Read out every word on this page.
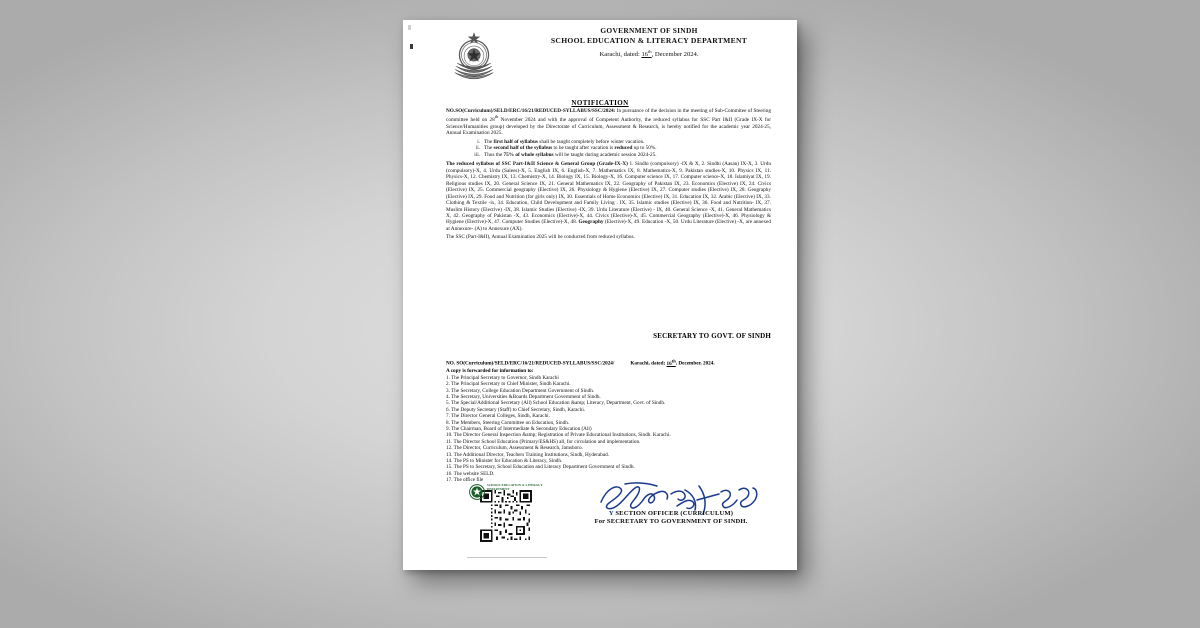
GOVERNMENT OF SINDH
SCHOOL EDUCATION & LITERACY DEPARTMENT
Karachi, dated: 16th, December 2024.
NOTIFICATION

NO.SO(Curriculum)/SELD/ERC/16/21/REDUCED-SYLLABUS/SSC/2024: In pursuance of the decision in the meeting of Sub-Commitee of Steering committee held on 28th November 2024 and with the approval of Competent Authority, the reduced syllabus for SSC Part I&II (Grade IX-X for Science/Humanities group) developed by the Directorate of Curriculum, Assessment & Research, is hereby notified for the academic year 2024-25, Annual Examination 2025.

i. The first half of syllabus shall be taught completely before winter vacation.
ii. The second half of the syllabus to be taught after vacation is reduced up to 50%.
iii. Thus the 75% of whole syllabus will be taught during academic session 2024-25.

The reduced syllabus of SSC Part-I&II Science & General Group (Grade-IX-X) 1. Sindhi (compulsory) -IX & X, 2. Sindhi (Aasan) IX-X, 3. Urdu (compulsory)-X, 4. Urdu (Salees)-X, 5. English IX, 6. English-X, 7. Mathematics IX, 8. Mathematics-X, 9. Pakistan studies-X, 10. Physics IX, 11. Physics-X, 12. Chemistry IX, 13. Chemistry-X, 14. Biology IX, 15. Biology-X, 16. Computer science IX, 17. Computer science-X, 18. Islamiyat IX, 19. Religious studies IX, 20. General Science IX, 21. General Mathematics IX, 22. Geography of Pakistan IX, 23. Economics (Elective) IX, 24. Civics (Elective) IX, 25. Commercial geography (Elective) IX, 26. Physiology & Hygiene (Elective) IX, 27. Computer studies (Elective) IX, 28. Geography (Elective) IX, 29. Food and Nutrition (for girls only) IX, 30. Essentials of Home Economics (Elective) IX, 31. Education IX, 32. Arabic (Elective) IX, 33. Clothing & Textile -ix, 34. Education, Child Development and Family Living . IX, 35. Islamic studies (Elective) IX, 36. Food and Nutrition- IX, 37. Muslim History (Elective) -IX, 38. Islamic Studies (Elective) -IX, 39. Urdu Literature (Elective) - IX, 40. General Science -X, 41. General Mathematics X, 42. Geography of Pakistan -X, 43. Economics (Elective)-X, 44. Civics (Elective)-X, 45. Commercial Geography (Elective)-X, 46. Physiology & Hygiene (Elective)-X, 47. Computer Studies (Elective)-X, 48. Geography (Elective)-X, 49. Education -X, 50. Urdu Literature (Elective) -X, are annexed at Annexure- (A) to Annexure (AX).

The SSC (Part-I&II), Annual Examination 2025 will be conducted from reduced syllabus.

SECRETARY TO GOVT. OF SINDH
NO. SO(Curriculum)/SELD/ERC/16/21/REDUCED-SYLLABUS/SSC/2024/	Karachi, dated; 16th, December, 2024.
A copy is forwarded for information to:
1. The Principal Secretary to Governor, Sindh Karachi
2. The Principal Secretary to Chief Minister, Sindh Karachi.
3. The Secretary, College Education Department Government of Sindh.
4. The Secretary, Universities &Boards Department Government of Sindh.
5. The Special/Additional Secretary (All) School Education &amp; Literacy, Department, Govt. of Sindh.
6. The Deputy Secretary (Staff) to Chief Secretary, Sindh, Karachi.
7. The Director General Colleges, Sindh, Karachi.
8. The Members, Steering Committee on Education, Sindh.
9. The Chairman, Board of Intermediate & Secondary Education (All)
10. The Director General Inspection &amp; Registration of Private Educational Institutions, Sindh. Karachi.
11. The Director School Education (Primary/ES&HS) all, for circulation and implementation.
12. The Director, Curriculum, Assessment & Research, Jamshoro.
13. The Additional Director, Teachers Training Institutions, Sindh, Hyderabad.
14. The PS to Minister for Education & Literacy, Sindh.
15. The PS to Secretary, School Education and Literacy Department Government of Sindh.
16. The website SELD.
17. The office file
SCHOOL EDUCATION & LITERACY DEPARTMENT
Y SECTION OFFICER (CURRICULUM)
For SECRETARY TO GOVERNMENT OF SINDH.
